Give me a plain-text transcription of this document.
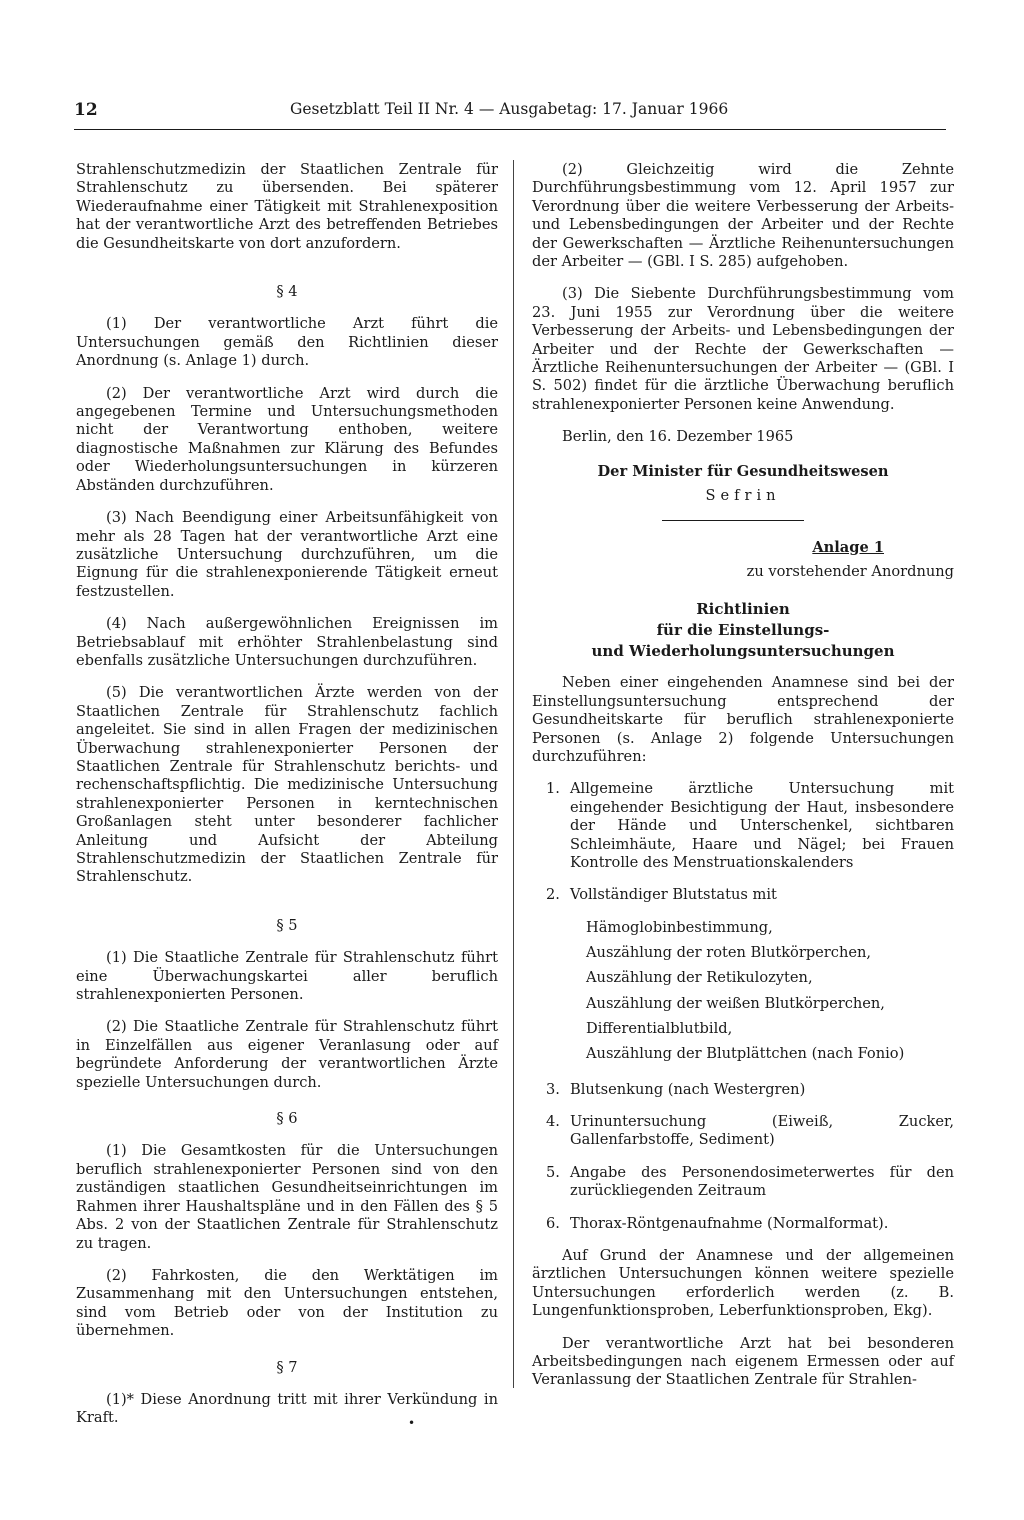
12	Gesetzblatt Teil II Nr. 4 — Ausgabetag: 17. Januar 1966

Strahlenschutzmedizin der Staatlichen Zentrale für Strahlenschutz zu übersenden. Bei späterer Wiederaufnahme einer Tätigkeit mit Strahlenexposition hat der verantwortliche Arzt des betreffenden Betriebes die Gesundheitskarte von dort anzufordern.

§ 4

(1) Der verantwortliche Arzt führt die Untersuchungen gemäß den Richtlinien dieser Anordnung (s. Anlage 1) durch.

(2) Der verantwortliche Arzt wird durch die angegebenen Termine und Untersuchungsmethoden nicht der Verantwortung enthoben, weitere diagnostische Maßnahmen zur Klärung des Befundes oder Wiederholungsuntersuchungen in kürzeren Abständen durchzuführen.

(3) Nach Beendigung einer Arbeitsunfähigkeit von mehr als 28 Tagen hat der verantwortliche Arzt eine zusätzliche Untersuchung durchzuführen, um die Eignung für die strahlenexponierende Tätigkeit erneut festzustellen.

(4) Nach außergewöhnlichen Ereignissen im Betriebsablauf mit erhöhter Strahlenbelastung sind ebenfalls zusätzliche Untersuchungen durchzuführen.

(5) Die verantwortlichen Ärzte werden von der Staatlichen Zentrale für Strahlenschutz fachlich angeleitet. Sie sind in allen Fragen der medizinischen Überwachung strahlenexponierter Personen der Staatlichen Zentrale für Strahlenschutz berichts- und rechenschaftspflichtig. Die medizinische Untersuchung strahlenexponierter Personen in kerntechnischen Großanlagen steht unter besonderer fachlicher Anleitung und Aufsicht der Abteilung Strahlenschutzmedizin der Staatlichen Zentrale für Strahlenschutz.

§ 5

(1) Die Staatliche Zentrale für Strahlenschutz führt eine Überwachungskartei aller beruflich strahlenexponierten Personen.

(2) Die Staatliche Zentrale für Strahlenschutz führt in Einzelfällen aus eigener Veranlasung oder auf begründete Anforderung der verantwortlichen Ärzte spezielle Untersuchungen durch.

§ 6

(1) Die Gesamtkosten für die Untersuchungen beruflich strahlenexponierter Personen sind von den zuständigen staatlichen Gesundheitseinrichtungen im Rahmen ihrer Haushaltspläne und in den Fällen des § 5 Abs. 2 von der Staatlichen Zentrale für Strahlenschutz zu tragen.

(2) Fahrkosten, die den Werktätigen im Zusammenhang mit den Untersuchungen entstehen, sind vom Betrieb oder von der Institution zu übernehmen.

§ 7

(1)* Diese Anordnung tritt mit ihrer Verkündung in Kraft.

(2) Gleichzeitig wird die Zehnte Durchführungsbestimmung vom 12. April 1957 zur Verordnung über die weitere Verbesserung der Arbeits- und Lebensbedingungen der Arbeiter und der Rechte der Gewerkschaften — Ärztliche Reihenuntersuchungen der Arbeiter — (GBl. I S. 285) aufgehoben.

(3) Die Siebente Durchführungsbestimmung vom 23. Juni 1955 zur Verordnung über die weitere Verbesserung der Arbeits- und Lebensbedingungen der Arbeiter und der Rechte der Gewerkschaften — Ärztliche Reihenuntersuchungen der Arbeiter — (GBl. I S. 502) findet für die ärztliche Überwachung beruflich strahlenexponierter Personen keine Anwendung.

Berlin, den 16. Dezember 1965

Der Minister für Gesundheitswesen

Sefrin

Anlage 1

zu vorstehender Anordnung

Richtlinien
für die Einstellungs-
und Wiederholungsuntersuchungen

Neben einer eingehenden Anamnese sind bei der Einstellungsuntersuchung entsprechend der Gesundheitskarte für beruflich strahlenexponierte Personen (s. Anlage 2) folgende Untersuchungen durchzuführen:

1. Allgemeine ärztliche Untersuchung mit eingehender Besichtigung der Haut, insbesondere der Hände und Unterschenkel, sichtbaren Schleimhäute, Haare und Nägel; bei Frauen Kontrolle des Menstruationskalenders
2. Vollständiger Blutstatus mit
Hämoglobinbestimmung,
Auszählung der roten Blutkörperchen,
Auszählung der Retikulozyten,
Auszählung der weißen Blutkörperchen,
Differentialblutbild,
Auszählung der Blutplättchen (nach Fonio)
3. Blutsenkung (nach Westergren)
4. Urinuntersuchung (Eiweiß, Zucker, Gallenfarbstoffe, Sediment)
5. Angabe des Personendosimeterwertes für den zurückliegenden Zeitraum
6. Thorax-Röntgenaufnahme (Normalformat).

Auf Grund der Anamnese und der allgemeinen ärztlichen Untersuchungen können weitere spezielle Untersuchungen erforderlich werden (z. B. Lungenfunktionsproben, Leberfunktionsproben, Ekg).

Der verantwortliche Arzt hat bei besonderen Arbeitsbedingungen nach eigenem Ermessen oder auf Veranlassung der Staatlichen Zentrale für Strahlen-

•
